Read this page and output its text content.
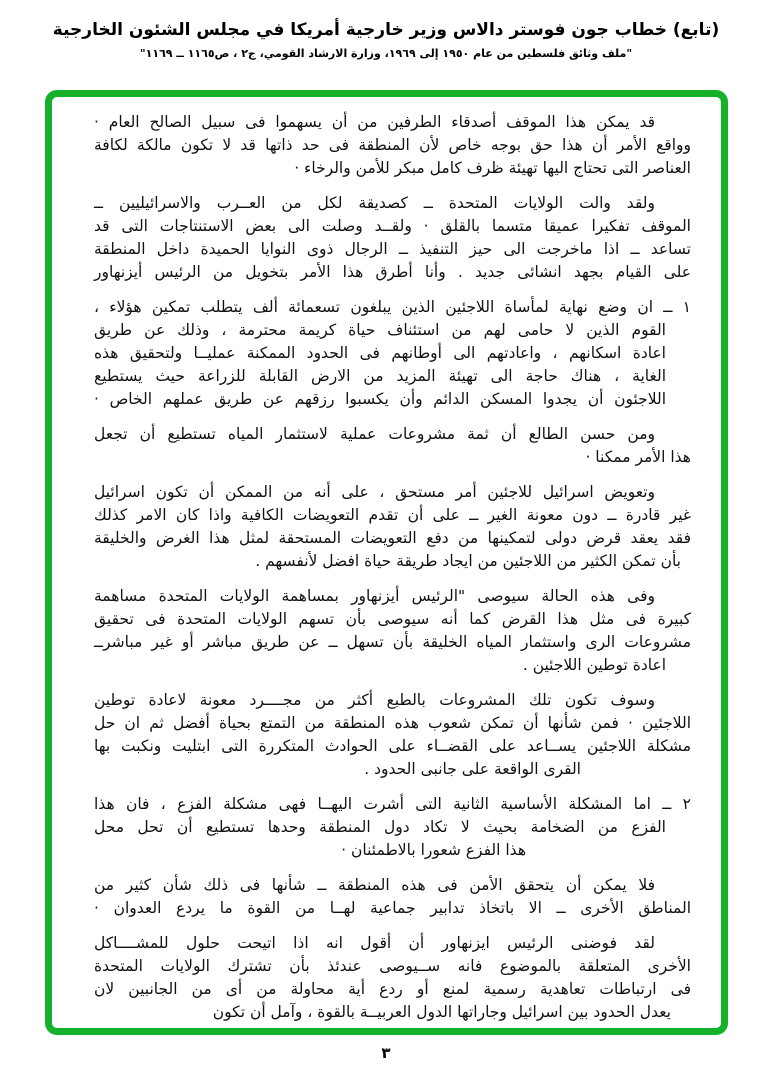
(تابع) خطاب جون فوستر دالاس وزير خارجية أمريكا في مجلس الشئون الخارجية
"ملف وثائق فلسطين من عام ١٩٥٠ إلى ١٩٦٩، وزارة الارشاد القومي، ج٢ ، ص١١٦٥ ــ ١١٦٩"
قد يمكن هذا الموقف أصدقاء الطرفين من أن يسهموا فى سبيل الصالح العام ·
وواقع الأمر أن هذا حق بوجه خاص لأن المنطقة فى حد ذاتها قد لا تكون مالكة لكافة
العناصر التى تحتاج اليها تهيئة ظرف كامل مبكر للأمن والرخاء ·
ولقد والت الولايات المتحدة ــ كصديقة لكل من العــرب والاسرائيليين ــ
الموقف تفكيرا عميقا متسما بالقلق · ولقــد وصلت الى بعض الاستنتاجات التى قد
تساعد ــ اذا ماخرجت الى حيز التنفيذ ــ الرجال ذوى النوايا الحميدة داخل المنطقة
على القيام بجهد انشائى جديد . وأنا أطرق هذا الأمر بتخويل من الرئيس أيزنهاور
١ ــ ان وضع نهاية لمأساة اللاجئين الذين يبلغون تسعمائة ألف يتطلب تمكين هؤلاء ،
القوم الذين لا حامى لهم من استئناف حياة كريمة محترمة ، وذلك عن طريق
اعادة اسكانهم ، واعادتهم الى أوطانهم فى الحدود الممكنة عمليــا ولتحقيق هذه
الغاية ، هناك حاجة الى تهيئة المزيد من الارض القابلة للزراعة حيث يستطيع
اللاجئون أن يجدوا المسكن الدائم وأن يكسبوا رزقهم عن طريق عملهم الخاص ·
ومن حسن الطالع أن ثمة مشروعات عملية لاستثمار المياه تستطيع أن تجعل
هذا الأمر ممكنا ·
وتعويض اسرائيل للاجئين أمر مستحق ، على أنه من الممكن أن تكون اسرائيل
غير قادرة ــ دون معونة الغير ــ على أن تقدم التعويضات الكافية واذا كان الامر كذلك
فقد يعقد قرض دولى لتمكينها من دفع التعويضات المستحقة لمثل هذا الغرض والخليقة
بأن تمكن الكثير من اللاجئين من ايجاد طريقة حياة افضل لأنفسهم .
وفى هذه الحالة سيوصى "الرئيس أيزنهاور بمساهمة الولايات المتحدة مساهمة
كبيرة فى مثل هذا القرض كما أنه سيوصى بأن تسهم الولايات المتحدة فى تحقيق
مشروعات الرى واستثمار المياه الخليقة بأن تسهل ــ عن طريق مباشر أو غير مباشرــ
اعادة توطين اللاجئين .
وسوف تكون تلك المشروعات بالطبع أكثر من مجــــرد معونة لاعادة توطين
اللاجئين · فمن شأنها أن تمكن شعوب هذه المنطقة من التمتع بحياة أفضل ثم ان حل
مشكلة اللاجئين يســاعد على القضــاء على الحوادث المتكررة التى ابتليت ونكبت بها
القرى الواقعة على جانبى الحدود .
٢ ــ اما المشكلة الأساسية الثانية التى أشرت اليهــا فهى مشكلة الفزع ، فان هذا
الفزع من الضخامة بحيث لا تكاد دول المنطقة وحدها تستطيع أن تحل محل
هذا الفزع شعورا بالاطمئنان ·
فلا يمكن أن يتحقق الأمن فى هذه المنطقة ــ شأنها فى ذلك شأن كثير من
المناطق الأخرى ــ الا باتخاذ تدابير جماعية لهــا من القوة ما يردع العدوان ·
لقد فوضنى الرئيس ايزنهاور أن أقول انه اذا اتيحت حلول للمشــــاكل
الأخرى المتعلقة بالموضوع فانه ســيوصى عندئذ بأن تشترك الولايات المتحدة
فى ارتباطات تعاهدية رسمية لمنع أو ردع أية محاولة من أى من الجانبين لان
يعدل الحدود بين اسرائيل وجاراتها الدول العربيــة بالقوة ، وآمل أن تكون
٣
